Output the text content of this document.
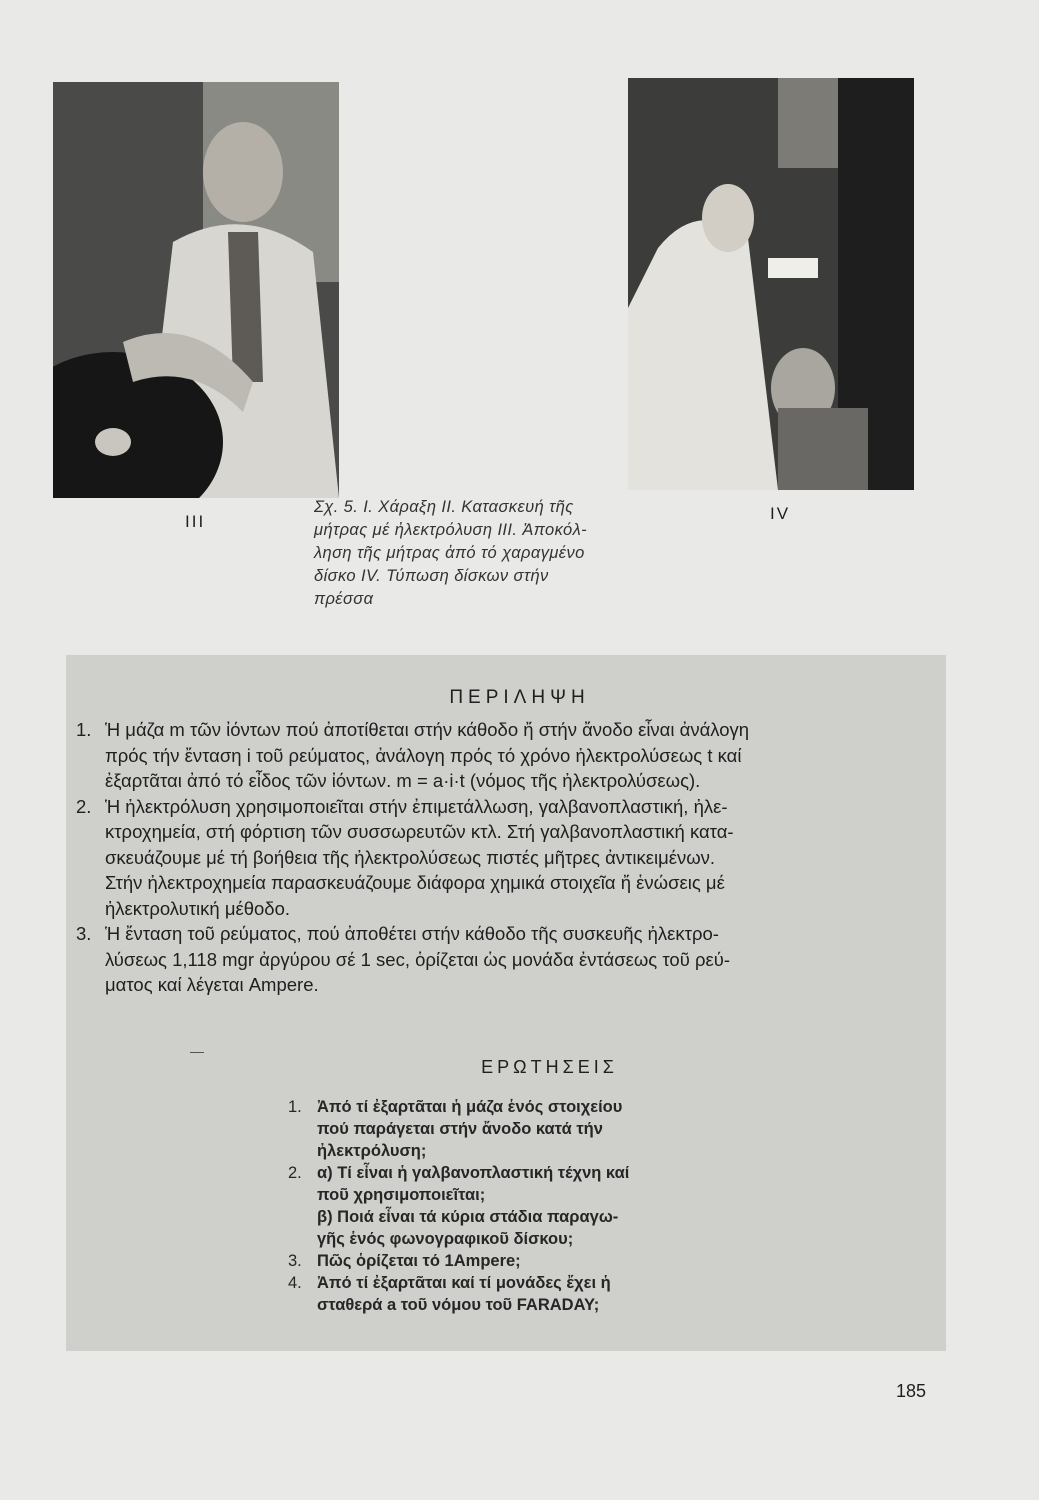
III	IV
Σχ. 5. Ι. Χάραξη ΙΙ. Κατασκευή τῆς
μήτρας μέ ἠλεκτρόλυση ΙΙΙ. Ἀποκόλ-
ληση τῆς μήτρας ἀπό τό χαραγμένο
δίσκο IV. Τύπωση δίσκων στήν
πρέσσα
ΠΕΡΙΛΗΨΗ
1. Ἡ μάζα m τῶν ἰόντων πού ἀποτίθεται στήν κάθοδο ἤ στήν ἄνοδο εἶναι ἀνάλογη
πρός τήν ἔνταση i τοῦ ρεύματος, ἀνάλογη πρός τό χρόνο ἠλεκτρολύσεως t καί
ἐξαρτᾶται ἀπό τό εἶδος τῶν ἰόντων. m = a·i·t (νόμος τῆς ἠλεκτρολύσεως).
2. Ἡ ἠλεκτρόλυση χρησιμοποιεῖται στήν ἐπιμετάλλωση, γαλβανοπλαστική, ἠλε-
κτροχημεία, στή φόρτιση τῶν συσσωρευτῶν κτλ. Στή γαλβανοπλαστική κατα-
σκευάζουμε μέ τή βοήθεια τῆς ἠλεκτρολύσεως πιστές μῆτρες ἀντικειμένων.
Στήν ἠλεκτροχημεία παρασκευάζουμε διάφορα χημικά στοιχεῖα ἤ ἑνώσεις μέ
ἠλεκτρολυτική μέθοδο.
3. Ἡ ἔνταση τοῦ ρεύματος, πού ἀποθέτει στήν κάθοδο τῆς συσκευῆς ἠλεκτρο-
λύσεως 1,118 mgr ἀργύρου σέ 1 sec, ὁρίζεται ὡς μονάδα ἐντάσεως τοῦ ρεύ-
ματος καί λέγεται Ampere.
ΕΡΩΤΗΣΕΙΣ
1. Ἀπό τί ἐξαρτᾶται ἡ μάζα ἑνός στοιχείου
πού παράγεται στήν ἄνοδο κατά τήν
ἠλεκτρόλυση;
2. α) Τί εἶναι ἡ γαλβανοπλαστική τέχνη καί
ποῦ χρησιμοποιεῖται;
β) Ποιά εἶναι τά κύρια στάδια παραγω-
γῆς ἑνός φωνογραφικοῦ δίσκου;
3. Πῶς ὁρίζεται τό 1Ampere;
4. Ἀπό τί ἐξαρτᾶται καί τί μονάδες ἔχει ἡ
σταθερά a τοῦ νόμου τοῦ FARADAY;
185
